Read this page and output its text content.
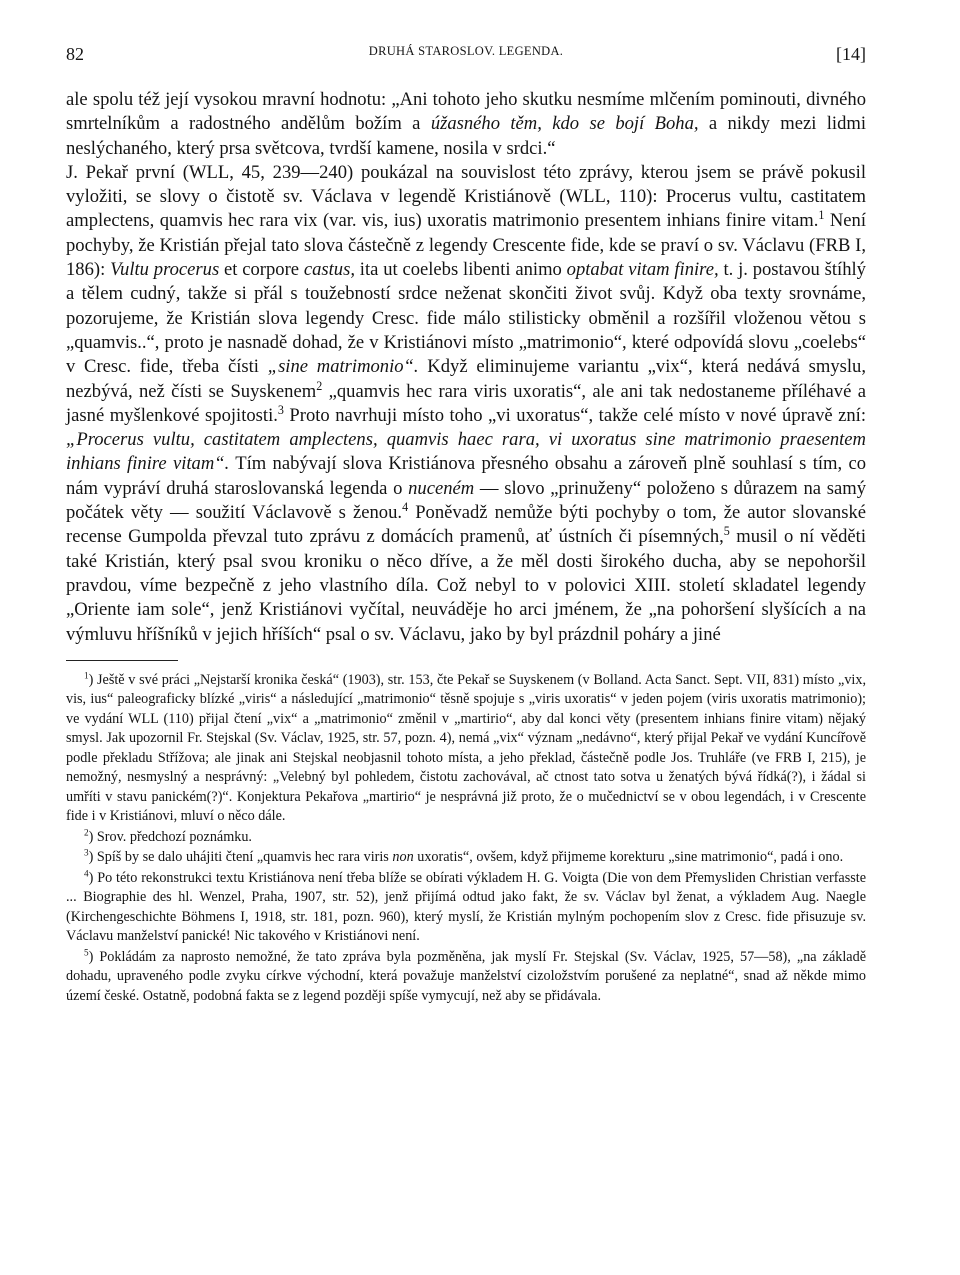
82	DRUHÁ STAROSLOV. LEGENDA.	[14]

ale spolu též její vysokou mravní hodnotu: „Ani tohoto jeho skutku nesmíme mlčením pominouti, divného smrtelníkům a radostného andělům božím a úžasného těm, kdo se bojí Boha, a nikdy mezi lidmi neslýchaného, který prsa světcova, tvrdší kamene, nosila v srdci.“

J. Pekař první (WLL, 45, 239—240) poukázal na souvislost této zprávy, kterou jsem se právě pokusil vyložiti, se slovy o čistotě sv. Václava v legendě Kristiánově (WLL, 110): Procerus vultu, castitatem amplectens, quamvis hec rara vix (var. vis, ius) uxoratis matrimonio presentem inhians finire vitam.$^1$ Není pochyby, že Kristián přejal tato slova částečně z legendy Crescente fide, kde se praví o sv. Václavu (FRB I, 186): Vultu procerus et corpore castus, ita ut coelebs libenti animo optabat vitam finire, t. j. postavou štíhlý a tělem cudný, takže si přál s toužebností srdce neženat skončiti život svůj. Když oba texty srovnáme, pozorujeme, že Kristián slova legendy Cresc. fide málo stilisticky obměnil a rozšířil vloženou větou s „quamvis..“, proto je nasnadě dohad, že v Kristiánovi místo „matrimonio“, které odpovídá slovu „coelebs“ v Cresc. fide, třeba čísti „sine matrimonio“. Když eliminujeme variantu „vix“, která nedává smyslu, nezbývá, než čísti se Suyskenem$^2$ „quamvis hec rara viris uxoratis“, ale ani tak nedostaneme příléhavé a jasné myšlenkové spojitosti.$^3$ Proto navrhuji místo toho „vi uxoratus“, takže celé místo v nové úpravě zní: „Procerus vultu, castitatem amplectens, quamvis haec rara, vi uxoratus sine matrimonio praesentem inhians finire vitam“. Tím nabývají slova Kristiánova přesného obsahu a zároveň plně souhlasí s tím, co nám vypráví druhá staroslovanská legenda o nuceném — slovo „prinuženy“ položeno s důrazem na samý počátek věty — soužití Václavově s ženou.$^4$ Poněvadž nemůže býti pochyby o tom, že autor slovanské recense Gumpolda převzal tuto zprávu z domácích pramenů, ať ústních či písemných,$^5$ musil o ní věděti také Kristián, který psal svou kroniku o něco dříve, a že měl dosti širokého ducha, aby se nepohoršil pravdou, víme bezpečně z jeho vlastního díla. Což nebyl to v polovici XIII. století skladatel legendy „Oriente iam sole“, jenž Kristiánovi vyčítal, neuváděje ho arci jménem, že „na pohoršení slyšících a na výmluvu hříšníků v jejich hříších“ psal o sv. Václavu, jako by byl prázdnil poháry a jiné

$^1$) Ještě v své práci „Nejstarší kronika česká“ (1903), str. 153, čte Pekař se Suyskenem (v Bolland. Acta Sanct. Sept. VII, 831) místo „vix, vis, ius“ paleograficky blízké „viris“ a následující „matrimonio“ těsně spojuje s „viris uxoratis“ v jeden pojem (viris uxoratis matrimonio); ve vydání WLL (110) přijal čtení „vix“ a „matrimonio“ změnil v „martirio“, aby dal konci věty (presentem inhians finire vitam) nějaký smysl. Jak upozornil Fr. Stejskal (Sv. Václav, 1925, str. 57, pozn. 4), nemá „vix“ význam „nedávno“, který přijal Pekař ve vydání Kuncířově podle překladu Střížova; ale jinak ani Stejskal neobjasnil tohoto místa, a jeho překlad, částečně podle Jos. Truhláře (ve FRB I, 215), je nemožný, nesmyslný a nesprávný: „Velebný byl pohledem, čistotu zachovával, ač ctnost tato sotva u ženatých bývá řídká(?), i žádal si umříti v stavu panickém(?)“. Konjektura Pekařova „martirio“ je nesprávná již proto, že o mučednictví se v obou legendách, i v Crescente fide i v Kristiánovi, mluví o něco dále.

$^2$) Srov. předchozí poznámku.

$^3$) Spíš by se dalo uhájiti čtení „quamvis hec rara viris non uxoratis“, ovšem, když přijmeme korekturu „sine matrimonio“, padá i ono.

$^4$) Po této rekonstrukci textu Kristiánova není třeba blíže se obírati výkladem H. G. Voigta (Die von dem Přemysliden Christian verfasste ... Biographie des hl. Wenzel, Praha, 1907, str. 52), jenž přijímá odtud jako fakt, že sv. Václav byl ženat, a výkladem Aug. Naegle (Kirchengeschichte Böhmens I, 1918, str. 181, pozn. 960), který myslí, že Kristián mylným pochopením slov z Cresc. fide přisuzuje sv. Václavu manželství panické! Nic takového v Kristiánovi není.

$^5$) Pokládám za naprosto nemožné, že tato zpráva byla pozměněna, jak myslí Fr. Stejskal (Sv. Václav, 1925, 57—58), „na základě dohadu, upraveného podle zvyku církve východní, která považuje manželství cizoložstvím porušené za neplatné“, snad až někde mimo území české. Ostatně, podobná fakta se z legend později spíše vymycují, než aby se přidávala.
